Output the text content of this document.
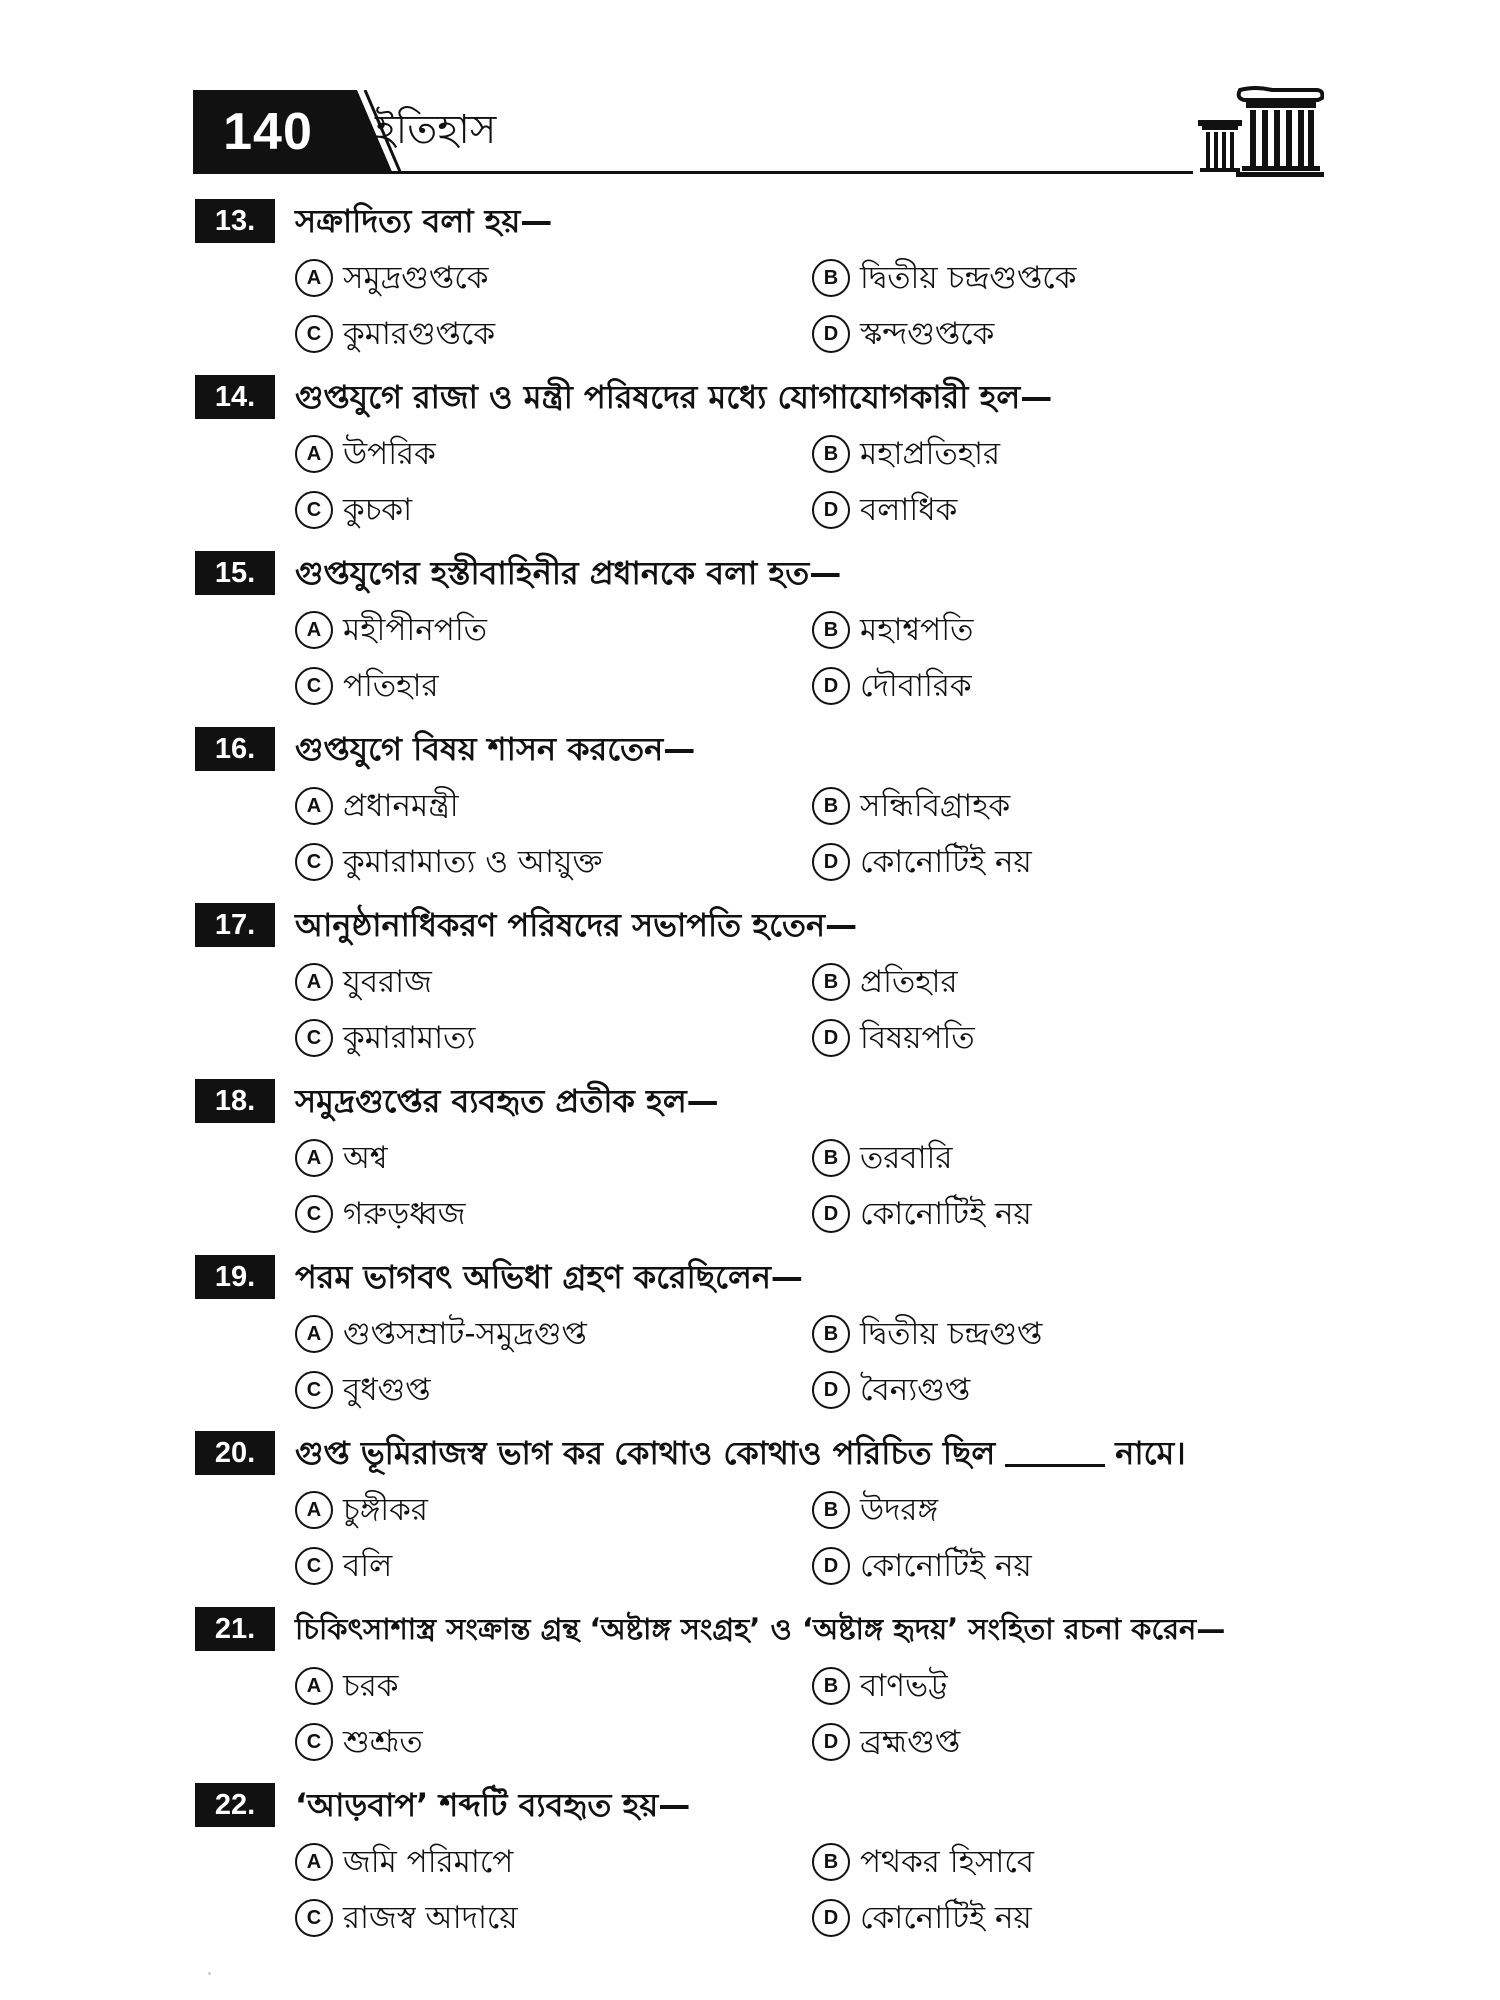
140	ইতিহাস
13.	সক্রাদিত্য বলা হয়—
A সমুদ্রগুপ্তকে	B দ্বিতীয় চন্দ্রগুপ্তকে
C কুমারগুপ্তকে	D স্কন্দগুপ্তকে
14.	গুপ্তযুগে রাজা ও মন্ত্রী পরিষদের মধ্যে যোগাযোগকারী হল—
A উপরিক	B মহাপ্রতিহার
C কুচকা	D বলাধিক
15.	গুপ্তযুগের হস্তীবাহিনীর প্রধানকে বলা হত—
A মহীপীনপতি	B মহাশ্বপতি
C পতিহার	D দৌবারিক
16.	গুপ্তযুগে বিষয় শাসন করতেন—
A প্রধানমন্ত্রী	B সন্ধিবিগ্রাহক
C কুমারামাত্য ও আয়ুক্ত	D কোনোটিই নয়
17.	আনুষ্ঠানাধিকরণ পরিষদের সভাপতি হতেন—
A যুবরাজ	B প্রতিহার
C কুমারামাত্য	D বিষয়পতি
18.	সমুদ্রগুপ্তের ব্যবহৃত প্রতীক হল—
A অশ্ব	B তরবারি
C গরুড়ধ্বজ	D কোনোটিই নয়
19.	পরম ভাগবৎ অভিধা গ্রহণ করেছিলেন—
A গুপ্তসম্রাট-সমুদ্রগুপ্ত	B দ্বিতীয় চন্দ্রগুপ্ত
C বুধগুপ্ত	D বৈন্যগুপ্ত
20.	গুপ্ত ভূমিরাজস্ব ভাগ কর কোথাও কোথাও পরিচিত ছিল	নামে।
A চুঙ্গীকর	B উদরঙ্গ
C বলি	D কোনোটিই নয়
21.	চিকিৎসাশাস্ত্র সংক্রান্ত গ্রন্থ ‘অষ্টাঙ্গ সংগ্রহ’ ও ‘অষ্টাঙ্গ হৃদয়’ সংহিতা রচনা করেন—
A চরক	B বাণভট্ট
C শুশ্রূত	D ব্রহ্মগুপ্ত
22.	‘আড়বাপ’ শব্দটি ব্যবহৃত হয়—
A জমি পরিমাপে	B পথকর হিসাবে
C রাজস্ব আদায়ে	D কোনোটিই নয়
